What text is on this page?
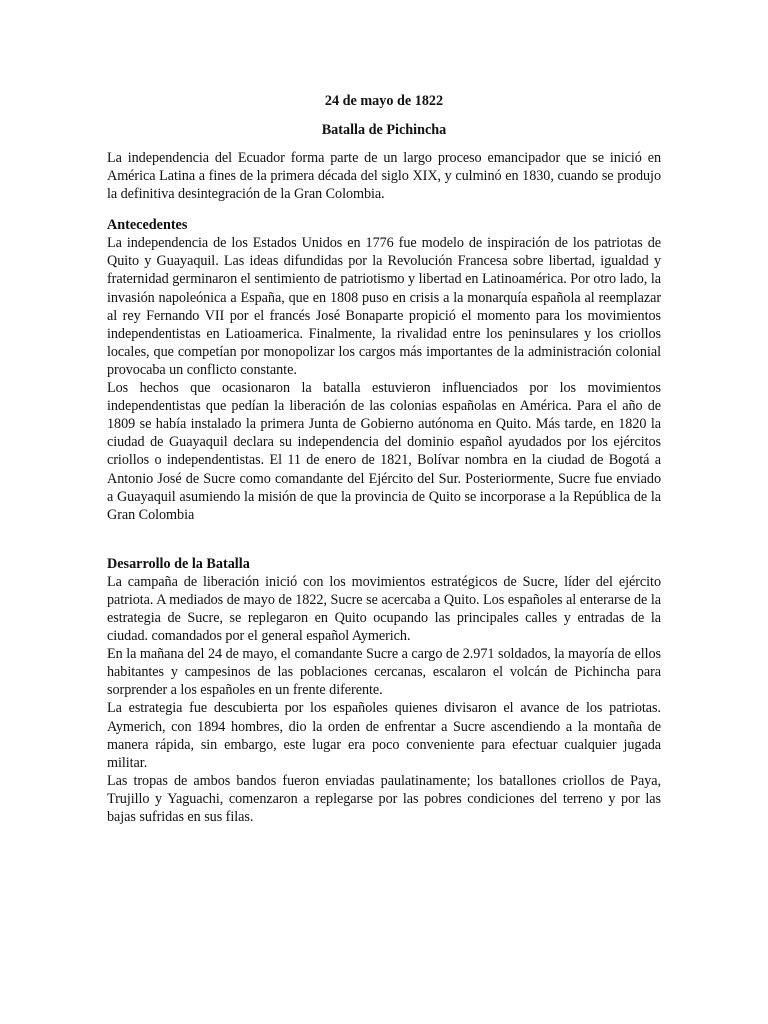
24 de mayo de 1822
Batalla de Pichincha

La independencia del Ecuador forma parte de un largo proceso emancipador que se inició en América Latina a fines de la primera década del siglo XIX, y culminó en 1830, cuando se produjo la definitiva desintegración de la Gran Colombia.

Antecedentes

La independencia de los Estados Unidos en 1776 fue modelo de inspiración de los patriotas de Quito y Guayaquil. Las ideas difundidas por la Revolución Francesa sobre libertad, igualdad y fraternidad germinaron el sentimiento de patriotismo y libertad en Latinoamérica. Por otro lado, la invasión napoleónica a España, que en 1808 puso en crisis a la monarquía española al reemplazar al rey Fernando VII por el francés José Bonaparte propició el momento para los movimientos independentistas en Latioamerica. Finalmente, la rivalidad entre los peninsulares y los criollos locales, que competían por monopolizar los cargos más importantes de la administración colonial provocaba un conflicto constante.

Los hechos que ocasionaron la batalla estuvieron influenciados por los movimientos independentistas que pedían la liberación de las colonias españolas en América. Para el año de 1809 se había instalado la primera Junta de Gobierno autónoma en Quito. Más tarde, en 1820 la ciudad de Guayaquil declara su independencia del dominio español ayudados por los ejércitos criollos o independentistas. El 11 de enero de 1821, Bolívar nombra en la ciudad de Bogotá a Antonio José de Sucre como comandante del Ejército del Sur. Posteriormente, Sucre fue enviado a Guayaquil asumiendo la misión de que la provincia de Quito se incorporase a la República de la Gran Colombia

Desarrollo de la Batalla

La campaña de liberación inició con los movimientos estratégicos de Sucre, líder del ejército patriota. A mediados de mayo de 1822, Sucre se acercaba a Quito. Los españoles al enterarse de la estrategia de Sucre, se replegaron en Quito ocupando las principales calles y entradas de la ciudad. comandados por el general español Aymerich.

En la mañana del 24 de mayo, el comandante Sucre a cargo de 2.971 soldados, la mayoría de ellos habitantes y campesinos de las poblaciones cercanas, escalaron el volcán de Pichincha para sorprender a los españoles en un frente diferente.

La estrategia fue descubierta por los españoles quienes divisaron el avance de los patriotas. Aymerich, con 1894 hombres, dio la orden de enfrentar a Sucre ascendiendo a la montaña de manera rápida, sin embargo, este lugar era poco conveniente para efectuar cualquier jugada militar.

Las tropas de ambos bandos fueron enviadas paulatinamente; los batallones criollos de Paya, Trujillo y Yaguachi, comenzaron a replegarse por las pobres condiciones del terreno y por las bajas sufridas en sus filas.
